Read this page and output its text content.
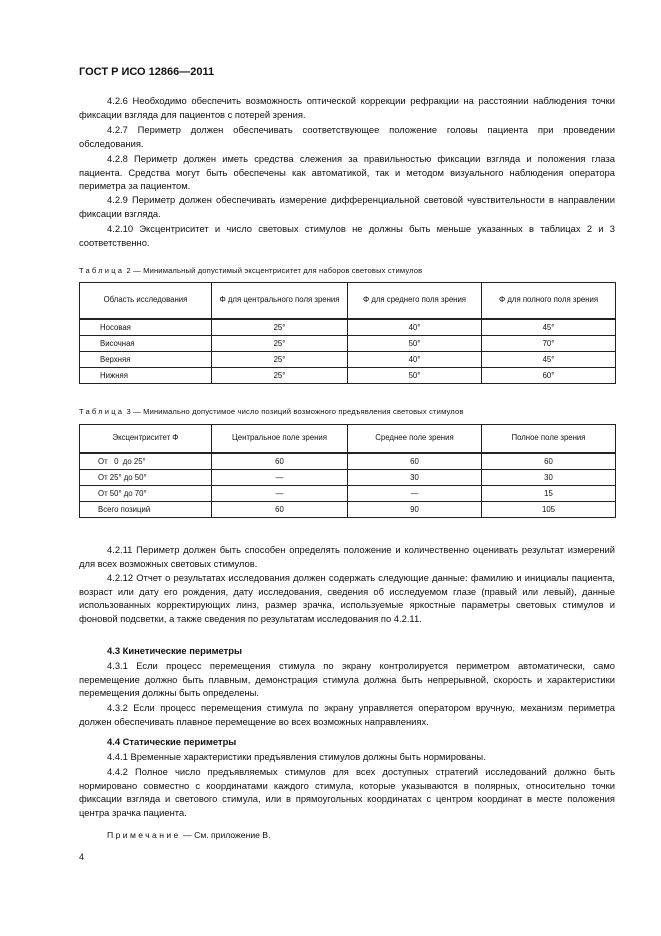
ГОСТ Р ИСО 12866—2011

4.2.6 Необходимо обеспечить возможность оптической коррекции рефракции на расстоянии наблюдения точки фиксации взгляда для пациентов с потерей зрения.

4.2.7 Периметр должен обеспечивать соответствующее положение головы пациента при проведении обследования.

4.2.8 Периметр должен иметь средства слежения за правильностью фиксации взгляда и положения глаза пациента. Средства могут быть обеспечены как автоматикой, так и методом визуального наблюдения оператора периметра за пациентом.

4.2.9 Периметр должен обеспечивать измерение дифференциальной световой чувствительности в направлении фиксации взгляда.

4.2.10 Эксцентриситет и число световых стимулов не должны быть меньше указанных в таблицах 2 и 3 соответственно.

Таблица 2 — Минимальный допустимый эксцентриситет для наборов световых стимулов
Область исследования	Φ для центрального поля зрения	Φ для среднего поля зрения	Φ для полного поля зрения
Носовая	25°	40°	45°
Височная	25°	50°	70°
Верхняя	25°	40°	45°
Нижняя	25°	50°	60°
Таблица 3 — Минимально допустимое число позиций возможного предъявления световых стимулов
Эксцентриситет Φ	Центральное поле зрения	Среднее поле зрения	Полное поле зрения
От   0  до 25°	60	60	60
От 25° до 50°	—	30	30
От 50° до 70°	—	—	15
Всего позиций	60	90	105

4.2.11 Периметр должен быть способен определять положение и количественно оценивать результат измерений для всех возможных световых стимулов.

4.2.12 Отчет о результатах исследования должен содержать следующие данные: фамилию и инициалы пациента, возраст или дату его рождения, дату исследования, сведения об исследуемом глазе (правый или левый), данные использованных корректирующих линз, размер зрачка, используемые яркостные параметры световых стимулов и фоновой подсветки, а также сведения по результатам исследования по 4.2.11.

4.3 Кинетические периметры

4.3.1 Если процесс перемещения стимула по экрану контролируется периметром автоматически, само перемещение должно быть плавным, демонстрация стимула должна быть непрерывной, скорость и характеристики перемещения должны быть определены.

4.3.2 Если процесс перемещения стимула по экрану управляется оператором вручную, механизм периметра должен обеспечивать плавное перемещение во всех возможных направлениях.

4.4 Статические периметры

4.4.1 Временные характеристики предъявления стимулов должны быть нормированы.

4.4.2 Полное число предъявляемых стимулов для всех доступных стратегий исследований должно быть нормировано совместно с координатами каждого стимула, которые указываются в полярных, относительно точки фиксации взгляда и светового стимула, или в прямоугольных координатах с центром координат в месте положения центра зрачка пациента.

Примечание — См. приложение В.
4
